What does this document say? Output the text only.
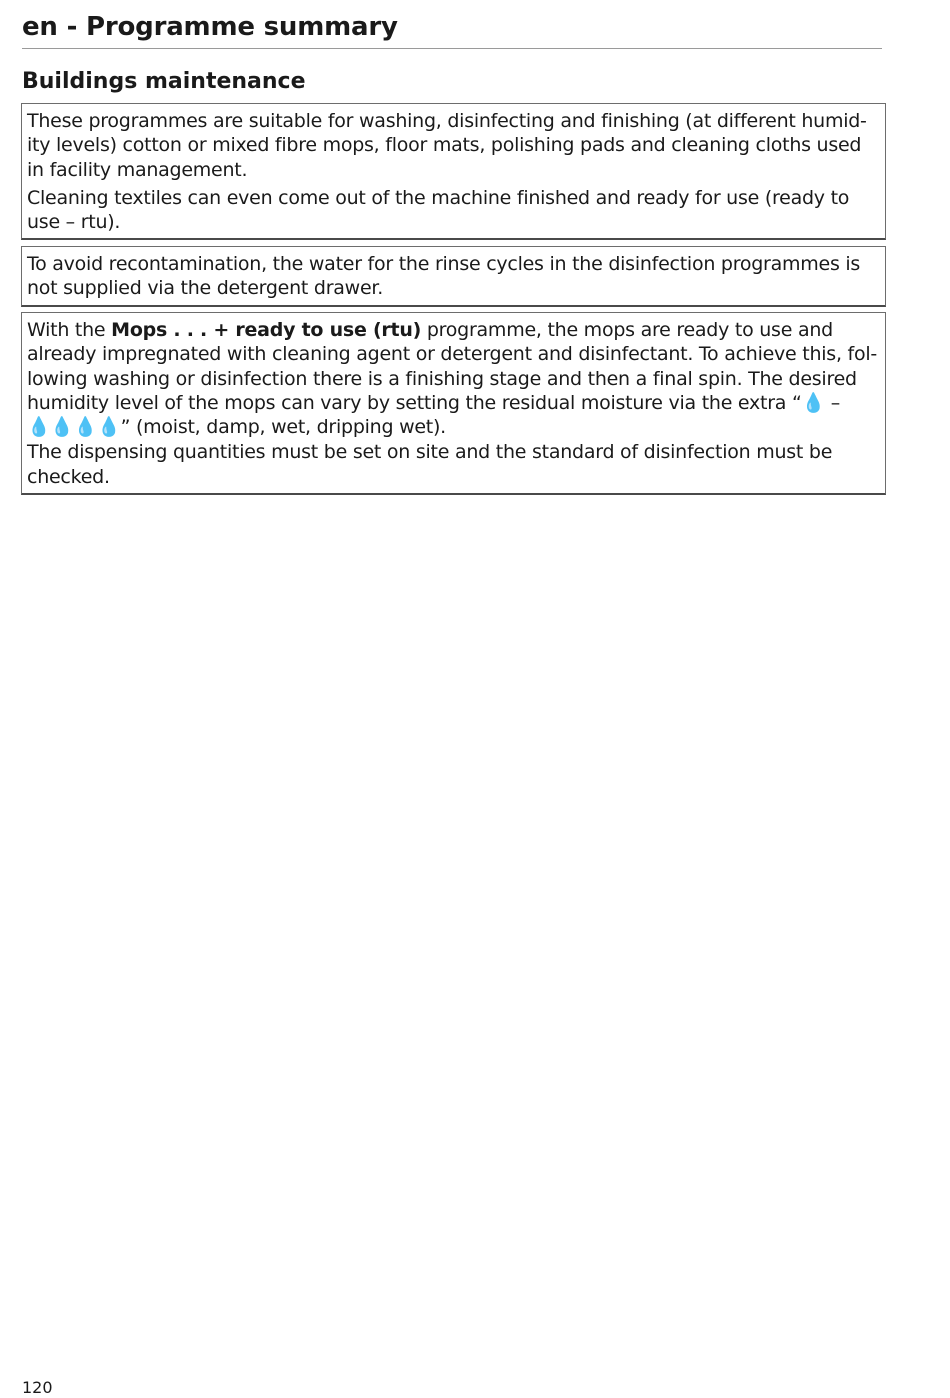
en - Programme summary
Buildings maintenance

These programmes are suitable for washing, disinfecting and finishing (at different humid-
ity levels) cotton or mixed fibre mops, floor mats, polishing pads and cleaning cloths used
in facility management.

Cleaning textiles can even come out of the machine finished and ready for use (ready to
use – rtu).

To avoid recontamination, the water for the rinse cycles in the disinfection programmes is
not supplied via the detergent drawer.

With the Mops . . . + ready to use (rtu) programme, the mops are ready to use and
already impregnated with cleaning agent or detergent and disinfectant. To achieve this, fol-
lowing washing or disinfection there is a finishing stage and then a final spin. The desired
humidity level of the mops can vary by setting the residual moisture via the extra “💧 –
💧💧💧💧” (moist, damp, wet, dripping wet).

The dispensing quantities must be set on site and the standard of disinfection must be
checked.

120
